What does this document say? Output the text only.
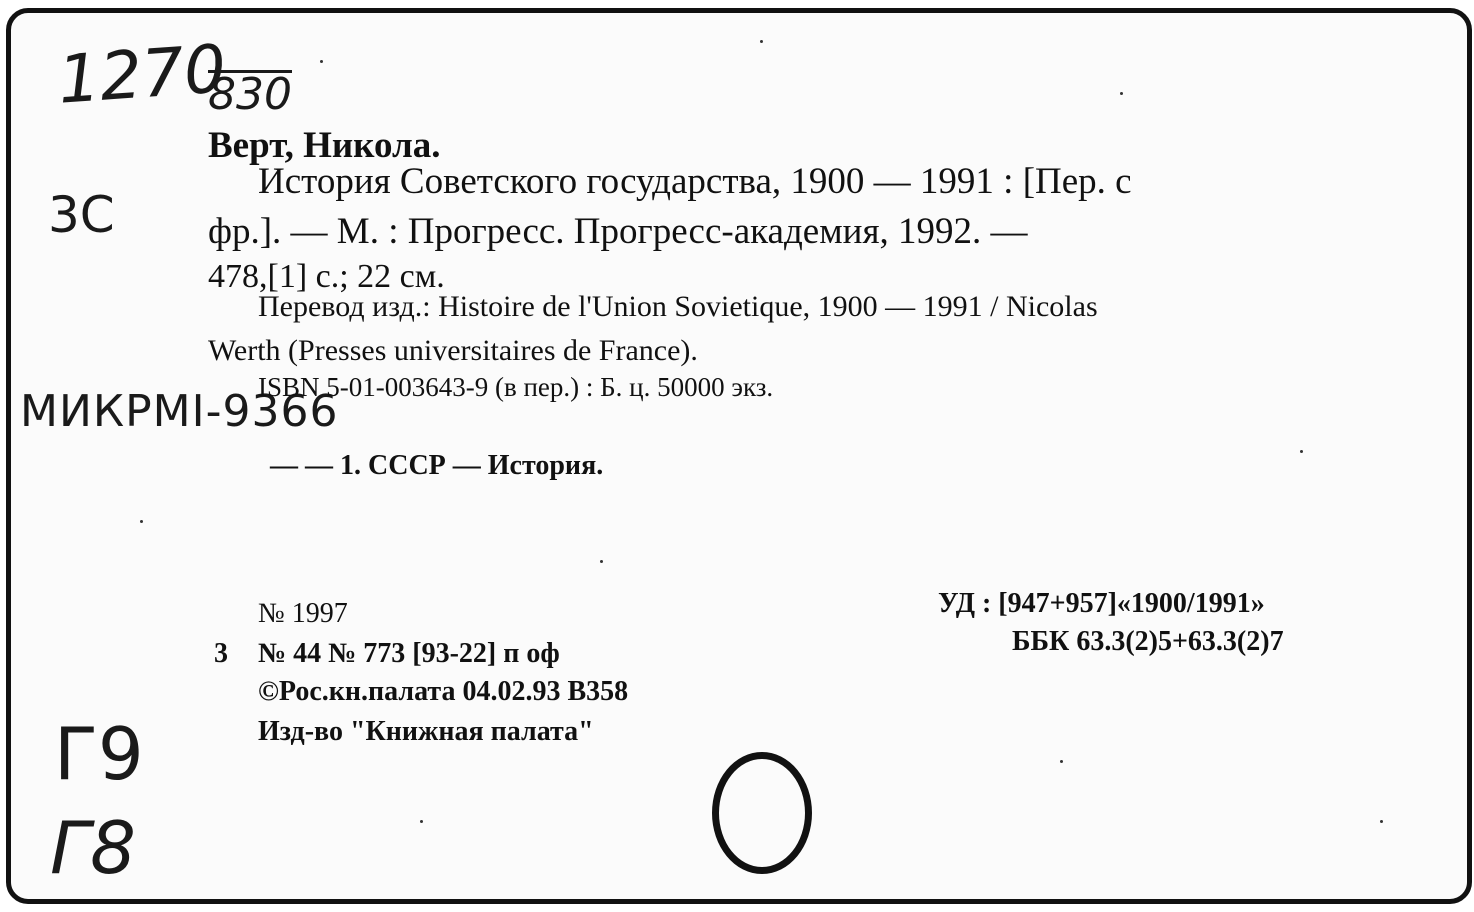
1270
830
3С
МИКРМI-9366
Г9
Г8
Верт, Никола.
История Советского государства, 1900 — 1991 : [Пер. с
фр.]. — М. : Прогресс. Прогресс-академия, 1992. —
478,[1] с.; 22 см.
Перевод изд.: Histoire de l'Union Sovietique, 1900 — 1991 / Nicolas
Werth (Presses universitaires de France).
ISBN 5-01-003643-9 (в пер.) : Б. ц. 50000 экз.
— — 1. СССР — История.
№ 1997
3 № 44 № 773 [93-22] п оф
©Рос.кн.палата 04.02.93 В358
Изд-во "Книжная палата"
УД : [947+957]«1900/1991»
ББК 63.3(2)5+63.3(2)7
